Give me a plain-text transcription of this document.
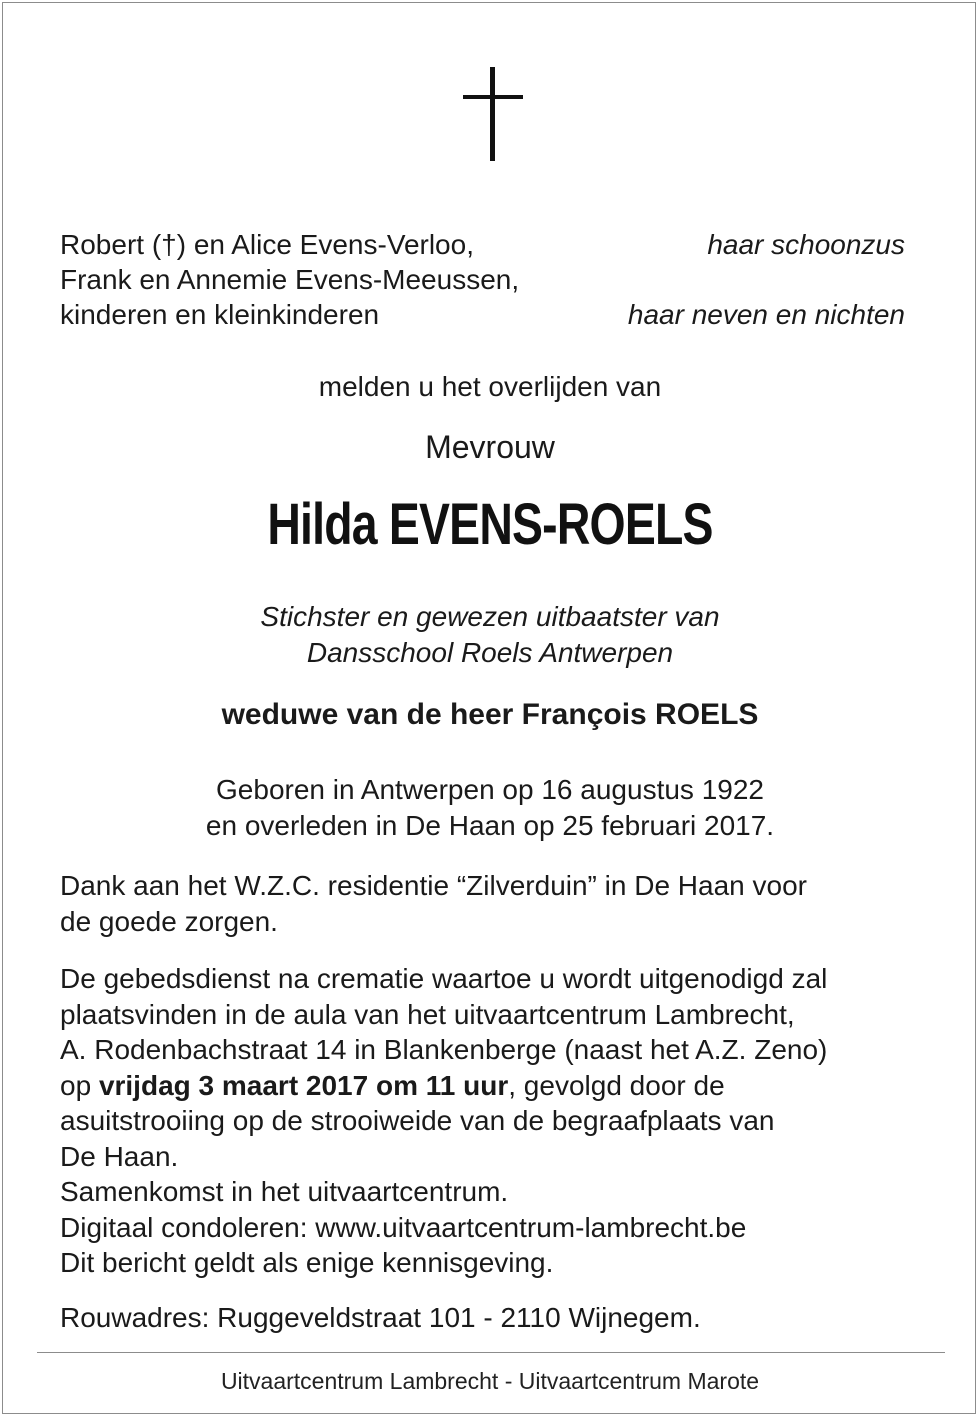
Robert (†) en Alice Evens-Verloo,
Frank en Annemie Evens-Meeussen,
kinderen en kleinkinderen
haar schoonzus
haar neven en nichten
melden u het overlijden van
Mevrouw
Hilda EVENS-ROELS
Stichster en gewezen uitbaatster van
Dansschool Roels Antwerpen
weduwe van de heer François ROELS
Geboren in Antwerpen op 16 augustus 1922
en overleden in De Haan op 25 februari 2017.
Dank aan het W.Z.C. residentie “Zilverduin” in De Haan voor
de goede zorgen.
De gebedsdienst na crematie waartoe u wordt uitgenodigd zal
plaatsvinden in de aula van het uitvaartcentrum Lambrecht,
A. Rodenbachstraat 14 in Blankenberge (naast het A.Z. Zeno)
op vrijdag 3 maart 2017 om 11 uur, gevolgd door de
asuitstrooiing op de strooiweide van de begraafplaats van
De Haan.
Samenkomst in het uitvaartcentrum.
Digitaal condoleren: www.uitvaartcentrum-lambrecht.be
Dit bericht geldt als enige kennisgeving.
Rouwadres: Ruggeveldstraat 101 - 2110 Wijnegem.
Uitvaartcentrum Lambrecht - Uitvaartcentrum Marote
